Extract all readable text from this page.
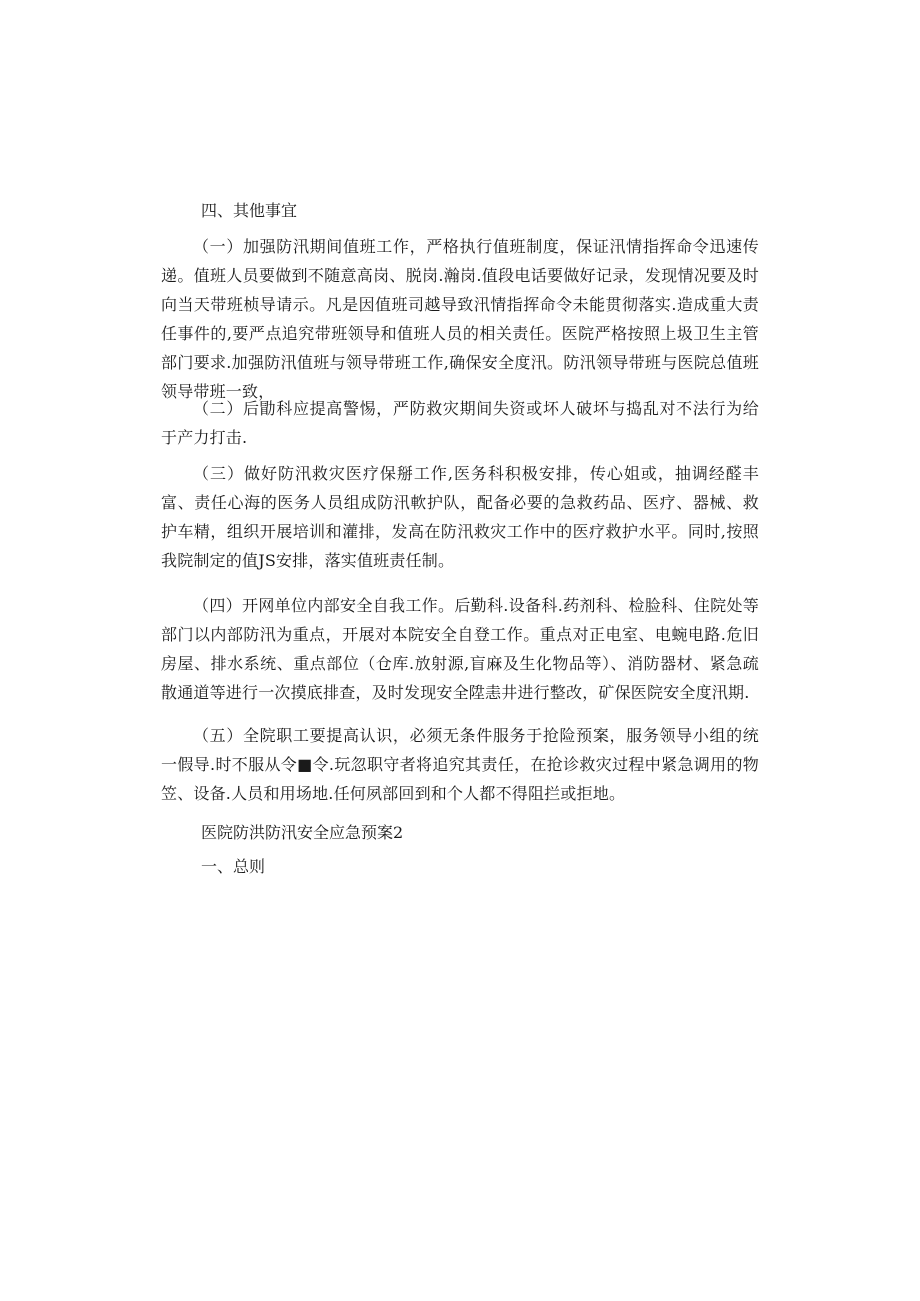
四、其他事宜
（一）加强防汛期间值班工作，严格执行值班制度，保证汛情指挥命令迅速传递。值班人员要做到不随意高岗、脱岗.瀚岗.值段电话要做好记录，发现情况要及时向当天带班桢导请示。凡是因值班司越导致汛情指挥命令未能贯彻落实.造成重大责任事件的,要严点追究带班领导和值班人员的相关责任。医院严格按照上圾卫生主管部门要求.加强防汛值班与领导带班工作,确保安全度汛。防汛领导带班与医院总值班领导带班一致，
（二）后勖科应提高警惕，严防救灾期间失资或坏人破坏与捣乱对不法行为给于产力打击.
（三）做好防汛救灾医疗保掰工作,医务科积极安排，传心姐或，抽调经醛丰富、责任心海的医务人员组成防汛軟护队，配备必要的急救药品、医疗、器械、救护车精，组织开展培训和灌排，发高在防汛救灾工作中的医疗救护水平。同时,按照我院制定的值JS安排，落实值班责任制。
（四）开网单位内部安全自我工作。后勤科.设备科.药剂科、检脸科、住院处等部门以内部防汛为重点，开展对本院安全自登工作。重点对正电室、电蜿电路.危旧房屋、排水系统、重点部位（仓库.放射源,盲麻及生化物品等）、消防器材、紧急疏散通道等进行一次摸底排查，及时发现安全陞恚井进行整改，矿保医院安全度汛期.
（五）全院职工要提高认识，必须无条件服务于抢险预案，服务领导小组的统一假导.时不服从令■令.玩忽职守者将追究其责任，在抢诊救灾过程中紧急调用的物笠、设备.人员和用场地.任何夙部回到和个人都不得阻拦或拒地。
医院防洪防汛安全应急预案2
一、总则
